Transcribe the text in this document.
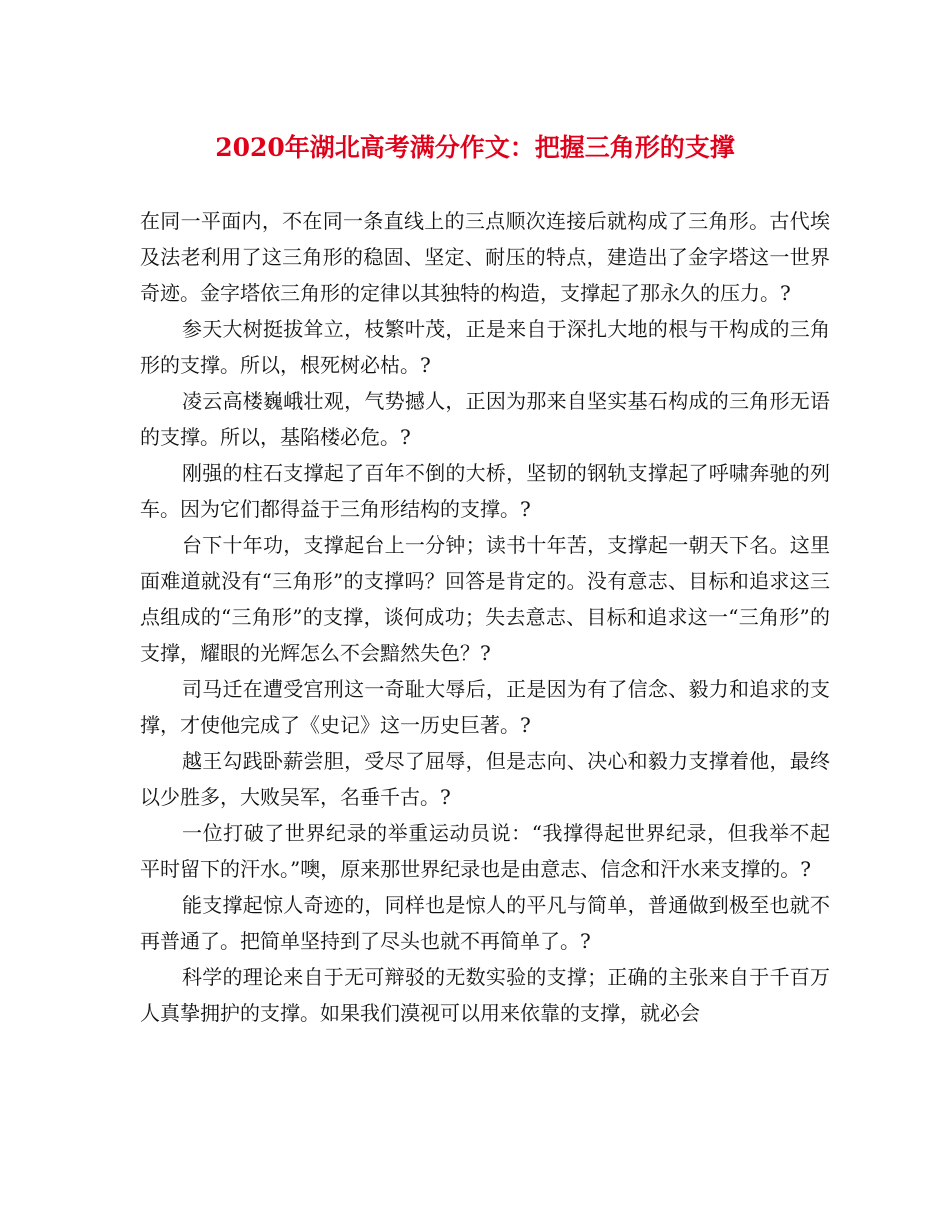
2020年湖北高考满分作文：把握三角形的支撑

在同一平面内，不在同一条直线上的三点顺次连接后就构成了三角形。古代埃及法老利用了这三角形的稳固、坚定、耐压的特点，建造出了金字塔这一世界奇迹。金字塔依三角形的定律以其独特的构造，支撑起了那永久的压力。?

参天大树挺拔耸立，枝繁叶茂，正是来自于深扎大地的根与干构成的三角形的支撑。所以，根死树必枯。?

凌云高楼巍峨壮观，气势撼人，正因为那来自坚实基石构成的三角形无语的支撑。所以，基陷楼必危。?

刚强的柱石支撑起了百年不倒的大桥，坚韧的钢轨支撑起了呼啸奔驰的列车。因为它们都得益于三角形结构的支撑。?

台下十年功，支撑起台上一分钟；读书十年苦，支撑起一朝天下名。这里面难道就没有“三角形”的支撑吗？回答是肯定的。没有意志、目标和追求这三点组成的“三角形”的支撑，谈何成功；失去意志、目标和追求这一“三角形”的支撑，耀眼的光辉怎么不会黯然失色？?

司马迁在遭受宫刑这一奇耻大辱后，正是因为有了信念、毅力和追求的支撑，才使他完成了《史记》这一历史巨著。?

越王勾践卧薪尝胆，受尽了屈辱，但是志向、决心和毅力支撑着他，最终以少胜多，大败吴军，名垂千古。?

一位打破了世界纪录的举重运动员说：“我撑得起世界纪录，但我举不起平时留下的汗水。”噢，原来那世界纪录也是由意志、信念和汗水来支撑的。?

能支撑起惊人奇迹的，同样也是惊人的平凡与简单，普通做到极至也就不再普通了。把简单坚持到了尽头也就不再简单了。?

科学的理论来自于无可辩驳的无数实验的支撑；正确的主张来自于千百万人真挚拥护的支撑。如果我们漠视可以用来依靠的支撑，就必会
